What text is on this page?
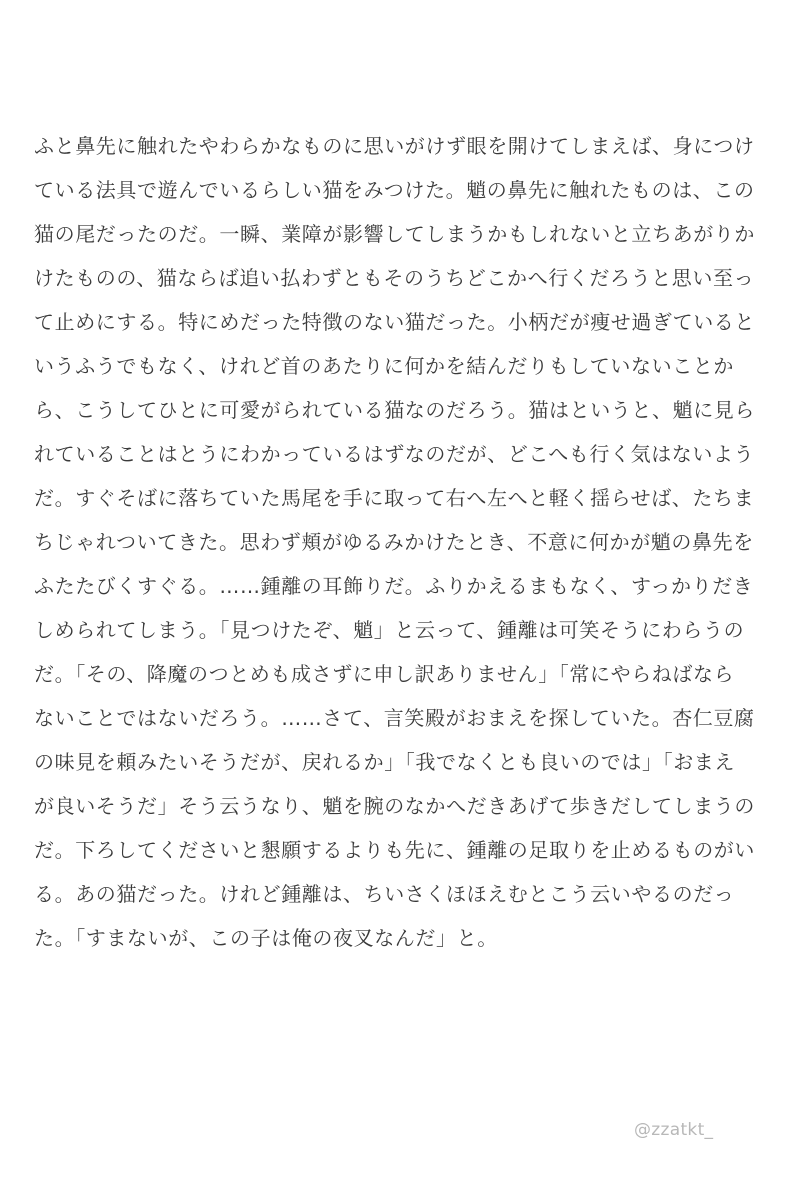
ふと鼻先に触れたやわらかなものに思いがけず眼を開けてしまえば、身につけ
ている法具で遊んでいるらしい猫をみつけた。魈の鼻先に触れたものは、この
猫の尾だったのだ。一瞬、業障が影響してしまうかもしれないと立ちあがりか
けたものの、猫ならば追い払わずともそのうちどこかへ行くだろうと思い至っ
て止めにする。特にめだった特徴のない猫だった。小柄だが痩せ過ぎていると
いうふうでもなく、けれど首のあたりに何かを結んだりもしていないことか
ら、こうしてひとに可愛がられている猫なのだろう。猫はというと、魈に見ら
れていることはとうにわかっているはずなのだが、どこへも行く気はないよう
だ。すぐそばに落ちていた馬尾を手に取って右へ左へと軽く揺らせば、たちま
ちじゃれついてきた。思わず頬がゆるみかけたとき、不意に何かが魈の鼻先を
ふたたびくすぐる。……鍾離の耳飾りだ。ふりかえるまもなく、すっかりだき
しめられてしまう。「見つけたぞ、魈」と云って、鍾離は可笑そうにわらうの
だ。「その、降魔のつとめも成さずに申し訳ありません」「常にやらねばなら
ないことではないだろう。……さて、言笑殿がおまえを探していた。杏仁豆腐
の味見を頼みたいそうだが、戻れるか」「我でなくとも良いのでは」「おまえ
が良いそうだ」そう云うなり、魈を腕のなかへだきあげて歩きだしてしまうの
だ。下ろしてくださいと懇願するよりも先に、鍾離の足取りを止めるものがい
る。あの猫だった。けれど鍾離は、ちいさくほほえむとこう云いやるのだっ
た。「すまないが、この子は俺の夜叉なんだ」と。
@zzatkt_
